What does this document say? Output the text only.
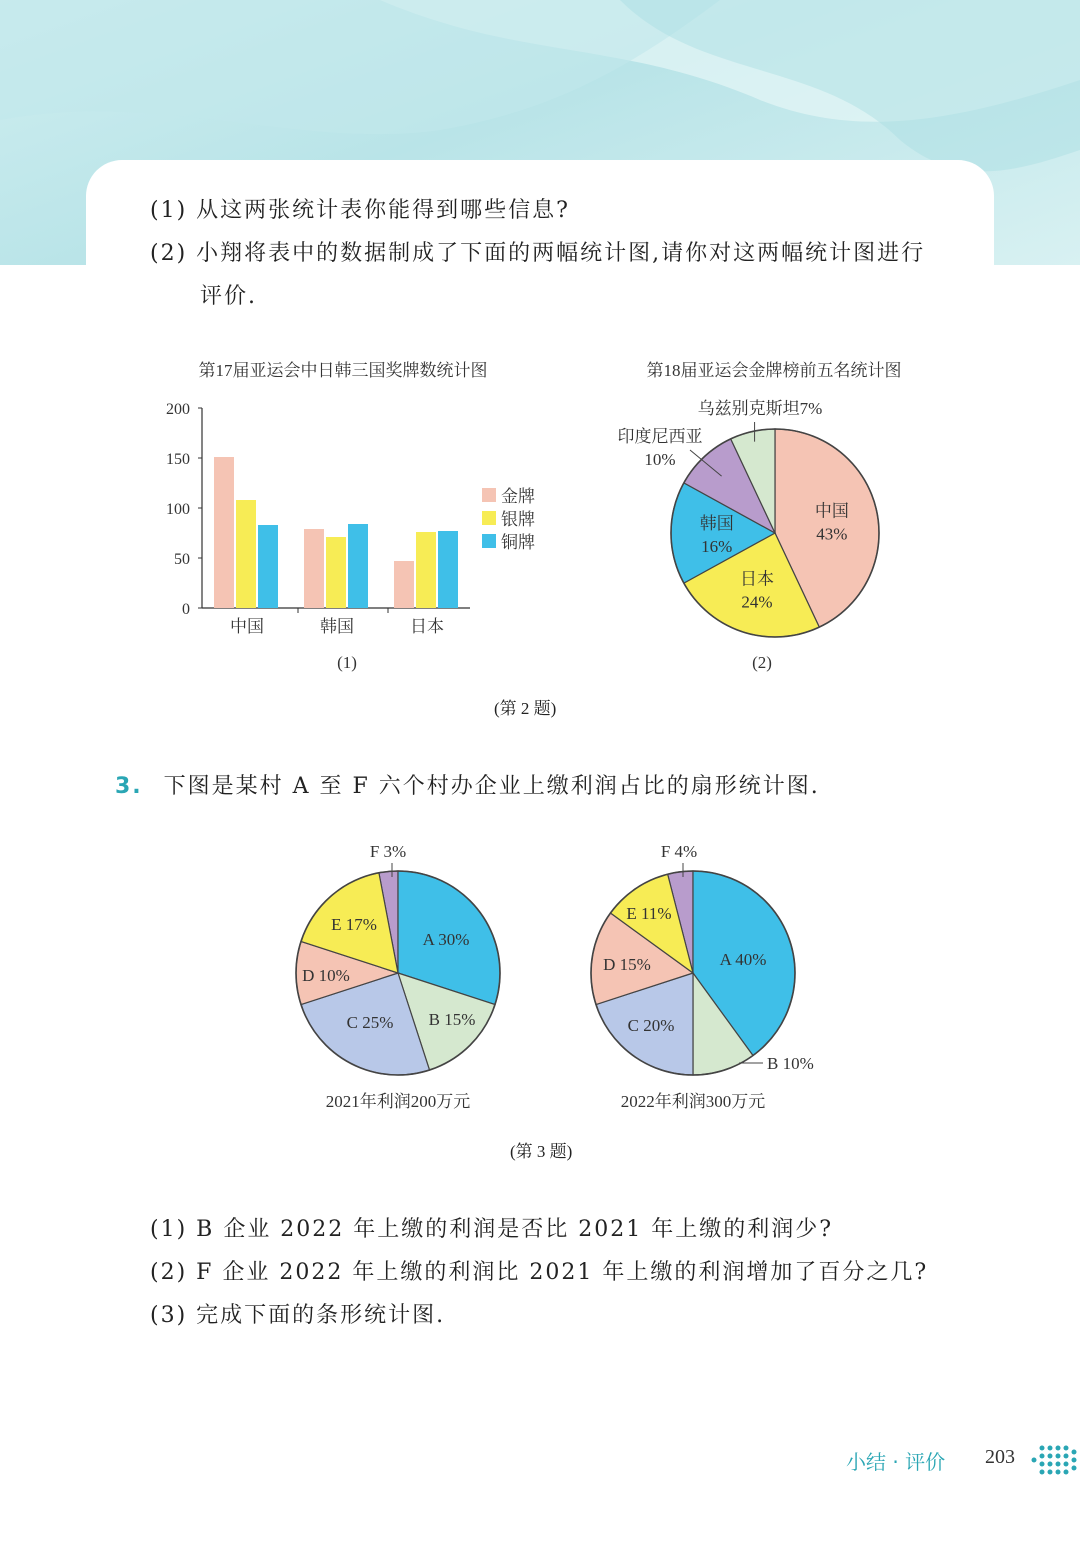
(1) 从这两张统计表你能得到哪些信息?
(2) 小翔将表中的数据制成了下面的两幅统计图,请你对这两幅统计图进行
评价.
第17届亚运会中日韩三国奖牌数统计图
(1)
200
150
100
50
0
中国	韩国	日本
金牌
银牌
铜牌
第18届亚运会金牌榜前五名统计图
(2)
中国
43%
日本
24%
韩国
16%
印度尼西亚
10%
乌兹别克斯坦7%
(第 2 题)
3. 下图是某村 A 至 F 六个村办企业上缴利润占比的扇形统计图.
A 30%
B 15%
C 25%
D 10%
E 17%
F 3%
2021年利润200万元
A 40%
B 10%
C 20%
D 15%
E 11%
F 4%
2022年利润300万元
(第 3 题)
(1) B 企业 2022 年上缴的利润是否比 2021 年上缴的利润少?
(2) F 企业 2022 年上缴的利润比 2021 年上缴的利润增加了百分之几?
(3) 完成下面的条形统计图.
小结 · 评价 203
